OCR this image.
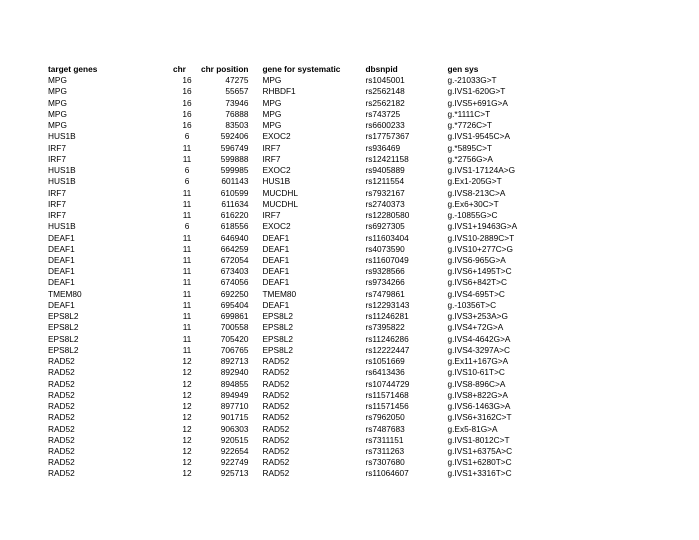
target genes	chr	chr position		gene for systematic	dbsnpid	gen sys
MPG	16	47275		MPG	rs1045001	g.-21033G>T
MPG	16	55657		RHBDF1	rs2562148	g.IVS1-620G>T
MPG	16	73946		MPG	rs2562182	g.IVS5+691G>A
MPG	16	76888		MPG	rs743725	g.*1111C>T
MPG	16	83503		MPG	rs6600233	g.*7726C>T
HUS1B	6	592406		EXOC2	rs17757367	g.IVS1-9545C>A
IRF7	11	596749		IRF7	rs936469	g.*5895C>T
IRF7	11	599888		IRF7	rs12421158	g.*2756G>A
HUS1B	6	599985		EXOC2	rs9405889	g.IVS1-17124A>G
HUS1B	6	601143		HUS1B	rs1211554	g.Ex1-205G>T
IRF7	11	610599		MUCDHL	rs7932167	g.IVS8-213C>A
IRF7	11	611634		MUCDHL	rs2740373	g.Ex6+30C>T
IRF7	11	616220		IRF7	rs12280580	g.-10855G>C
HUS1B	6	618556		EXOC2	rs6927305	g.IVS1+19463G>A
DEAF1	11	646940		DEAF1	rs11603404	g.IVS10-2889C>T
DEAF1	11	664259		DEAF1	rs4073590	g.IVS10+277C>G
DEAF1	11	672054		DEAF1	rs11607049	g.IVS6-965G>A
DEAF1	11	673403		DEAF1	rs9328566	g.IVS6+1495T>C
DEAF1	11	674056		DEAF1	rs9734266	g.IVS6+842T>C
TMEM80	11	692250		TMEM80	rs7479861	g.IVS4-695T>C
DEAF1	11	695404		DEAF1	rs12293143	g.-10356T>C
EPS8L2	11	699861		EPS8L2	rs11246281	g.IVS3+253A>G
EPS8L2	11	700558		EPS8L2	rs7395822	g.IVS4+72G>A
EPS8L2	11	705420		EPS8L2	rs11246286	g.IVS4-4642G>A
EPS8L2	11	706765		EPS8L2	rs12222447	g.IVS4-3297A>C
RAD52	12	892713		RAD52	rs1051669	g.Ex11+167G>A
RAD52	12	892940		RAD52	rs6413436	g.IVS10-61T>C
RAD52	12	894855		RAD52	rs10744729	g.IVS8-896C>A
RAD52	12	894949		RAD52	rs11571468	g.IVS8+822G>A
RAD52	12	897710		RAD52	rs11571456	g.IVS6-1463G>A
RAD52	12	901715		RAD52	rs7962050	g.IVS6+3162C>T
RAD52	12	906303		RAD52	rs7487683	g.Ex5-81G>A
RAD52	12	920515		RAD52	rs7311151	g.IVS1-8012C>T
RAD52	12	922654		RAD52	rs7311263	g.IVS1+6375A>C
RAD52	12	922749		RAD52	rs7307680	g.IVS1+6280T>C
RAD52	12	925713		RAD52	rs11064607	g.IVS1+3316T>C
